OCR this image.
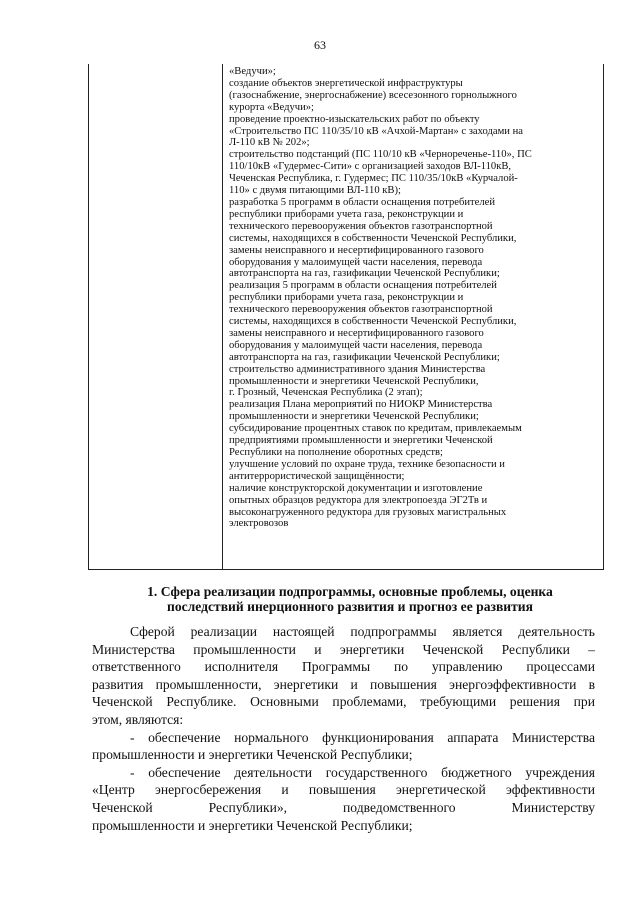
63
«Ведучи»;
создание объектов энергетической инфраструктуры
(газоснабжение, энергоснабжение) всесезонного горнолыжного
курорта «Ведучи»;
проведение проектно-изыскательских работ по объекту
«Строительство ПС 110/35/10 кВ «Ачхой-Мартан» с заходами на
Л-110 кВ № 202»;
строительство подстанций (ПС 110/10 кВ «Чернореченье-110», ПС
110/10кВ «Гудермес-Сити» с организацией заходов ВЛ-110кВ,
Чеченская Республика, г. Гудермес; ПС 110/35/10кВ «Курчалой-
110» с двумя питающими ВЛ-110 кВ);
разработка 5 программ в области оснащения потребителей
республики приборами учета газа, реконструкции и
технического перевооружения объектов газотранспортной
системы, находящихся в собственности Чеченской Республики,
замены неисправного и несертифицированного газового
оборудования у малоимущей части населения, перевода
автотранспорта на газ, газификации Чеченской Республики;
реализация 5 программ в области оснащения потребителей
республики приборами учета газа, реконструкции и
технического перевооружения объектов газотранспортной
системы, находящихся в собственности Чеченской Республики,
замены неисправного и несертифицированного газового
оборудования у малоимущей части населения, перевода
автотранспорта на газ, газификации Чеченской Республики;
строительство административного здания Министерства
промышленности и энергетики Чеченской Республики,
г. Грозный, Чеченская Республика (2 этап);
реализация Плана мероприятий по НИОКР Министерства
промышленности и энергетики Чеченской Республики;
субсидирование процентных ставок по кредитам, привлекаемым
предприятиями промышленности и энергетики Чеченской
Республики на пополнение оборотных средств;
улучшение условий по охране труда, технике безопасности и
антитеррористической защищённости;
наличие конструкторской документации и изготовление
опытных образцов редуктора для электропоезда ЭГ2Тв и
высоконагруженного редуктора для грузовых магистральных
электровозов
1. Сфера реализации подпрограммы, основные проблемы, оценка
последствий инерционного развития и прогноз ее развития
Сферой реализации настоящей подпрограммы является деятельность
Министерства промышленности и энергетики Чеченской Республики –
ответственного исполнителя Программы по управлению процессами
развития промышленности, энергетики и повышения энергоэффективности в
Чеченской Республике. Основными проблемами, требующими решения при
этом, являются:
- обеспечение нормального функционирования аппарата Министерства
промышленности и энергетики Чеченской Республики;
- обеспечение деятельности государственного бюджетного учреждения
«Центр энергосбережения и повышения энергетической эффективности
Чеченской Республики», подведомственного Министерству
промышленности и энергетики Чеченской Республики;
